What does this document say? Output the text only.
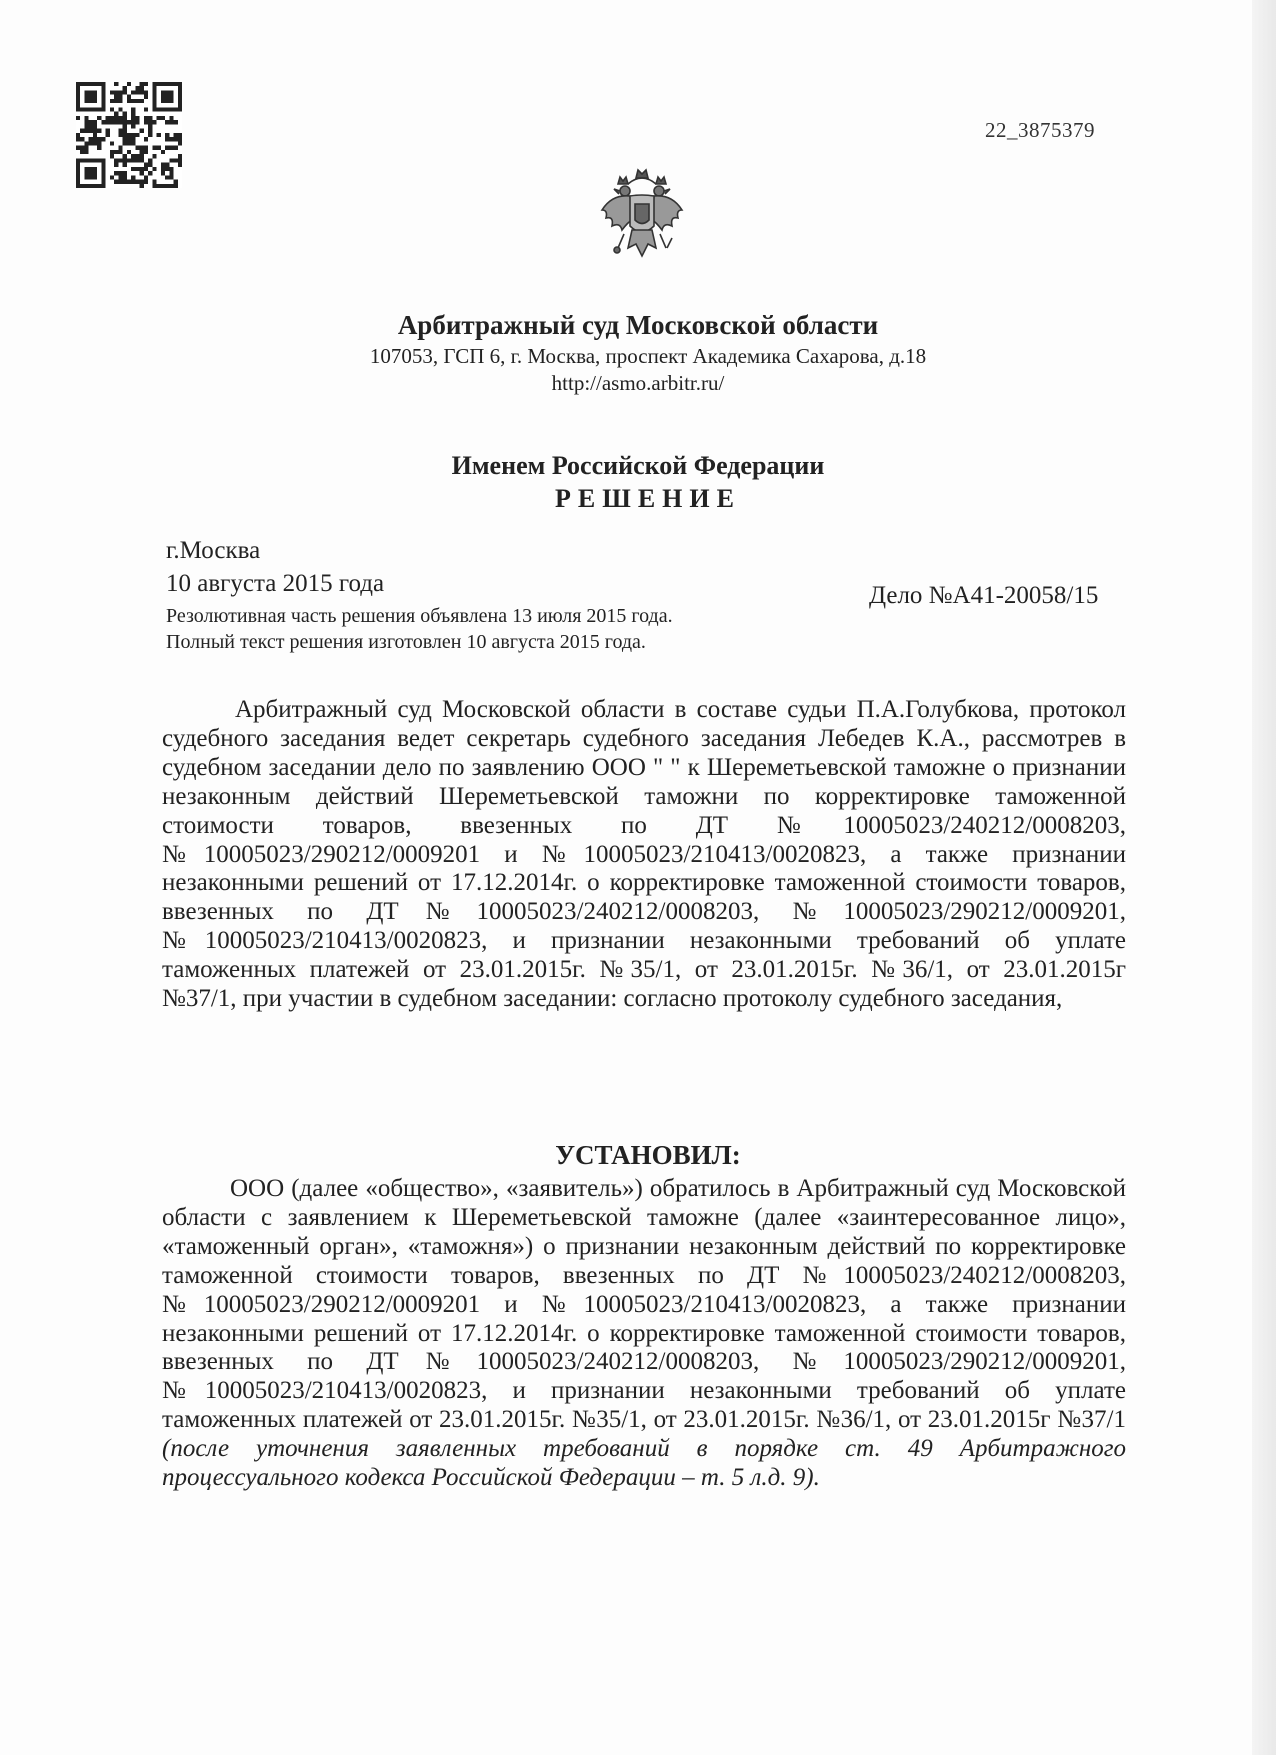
22_3875379
Арбитражный суд Московской области
107053, ГСП 6, г. Москва, проспект Академика Сахарова, д.18
http://asmo.arbitr.ru/
Именем Российской Федерации
РЕШЕНИЕ
г.Москва
10 августа 2015 года	Дело №А41-20058/15
Резолютивная часть решения объявлена 13 июля 2015 года.
Полный текст решения изготовлен 10 августа 2015 года.
Арбитражный суд Московской области в составе судьи П.А.Голубкова, протокол судебного заседания ведет секретарь судебного заседания Лебедев К.А., рассмотрев в судебном заседании дело по заявлению ООО " " к Шереметьевской таможне о признании незаконным действий Шереметьевской таможни по корректировке таможенной стоимости товаров, ввезенных по ДТ №10005023/240212/0008203, №10005023/290212/0009201 и №10005023/210413/0020823, а также признании незаконными решений от 17.12.2014г. о корректировке таможенной стоимости товаров, ввезенных по ДТ№10005023/240212/0008203, №10005023/290212/0009201, №10005023/210413/0020823, и признании незаконными требований об уплате таможенных платежей от 23.01.2015г. №35/1, от 23.01.2015г. №36/1, от 23.01.2015г №37/1, при участии в судебном заседании: согласно протоколу судебного заседания,
УСТАНОВИЛ:
ООО (далее «общество», «заявитель») обратилось в Арбитражный суд Московской области с заявлением к Шереметьевской таможне (далее «заинтересованное лицо», «таможенный орган», «таможня») о признании незаконным действий по корректировке таможенной стоимости товаров, ввезенных по ДТ №10005023/240212/0008203, №10005023/290212/0009201 и №10005023/210413/0020823, а также признании незаконными решений от 17.12.2014г. о корректировке таможенной стоимости товаров, ввезенных по ДТ№10005023/240212/0008203, №10005023/290212/0009201, №10005023/210413/0020823, и признании незаконными требований об уплате таможенных платежей от 23.01.2015г. №35/1, от 23.01.2015г. №36/1, от 23.01.2015г №37/1 (после уточнения заявленных требований в порядке ст. 49 Арбитражного процессуального кодекса Российской Федерации – т. 5 л.д. 9).
